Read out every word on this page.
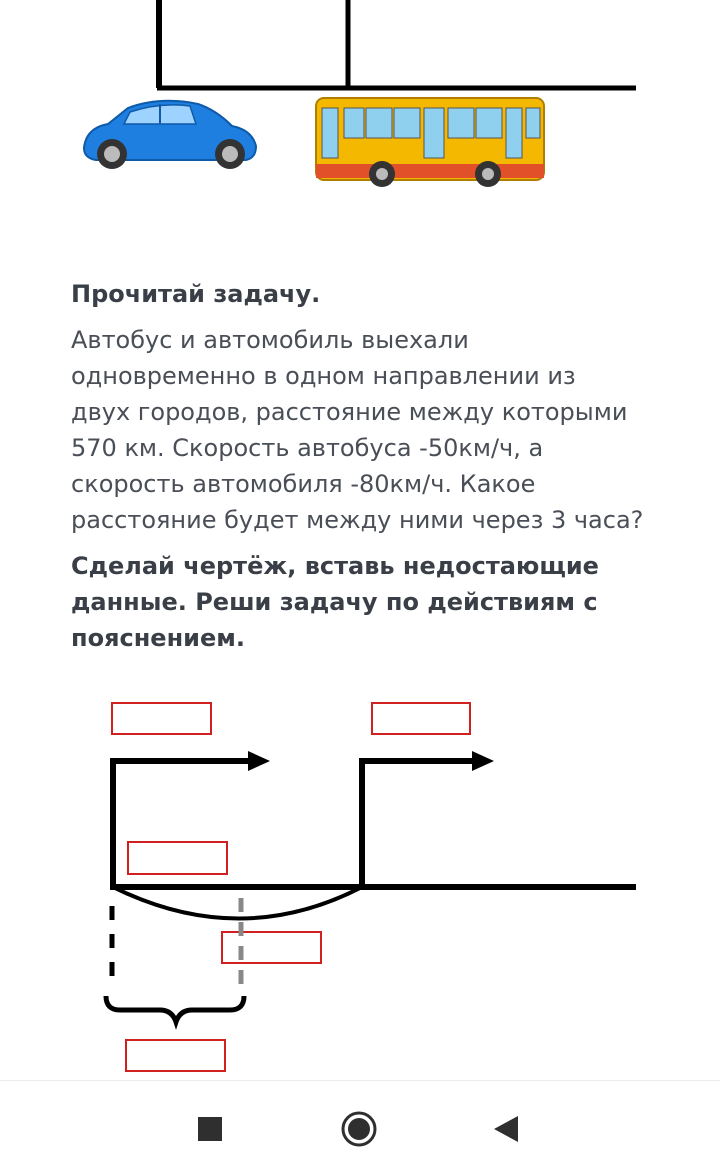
Прочитай задачу.

Автобус и автомобиль выехали
одновременно в одном направлении из
двух городов, расстояние между которыми
570 км. Скорость автобуса -50км/ч, а
скорость автомобиля -80км/ч. Какое
расстояние будет между ними через 3 часа?

Сделай чертёж, вставь недостающие
данные. Реши задачу по действиям с
пояснением.
